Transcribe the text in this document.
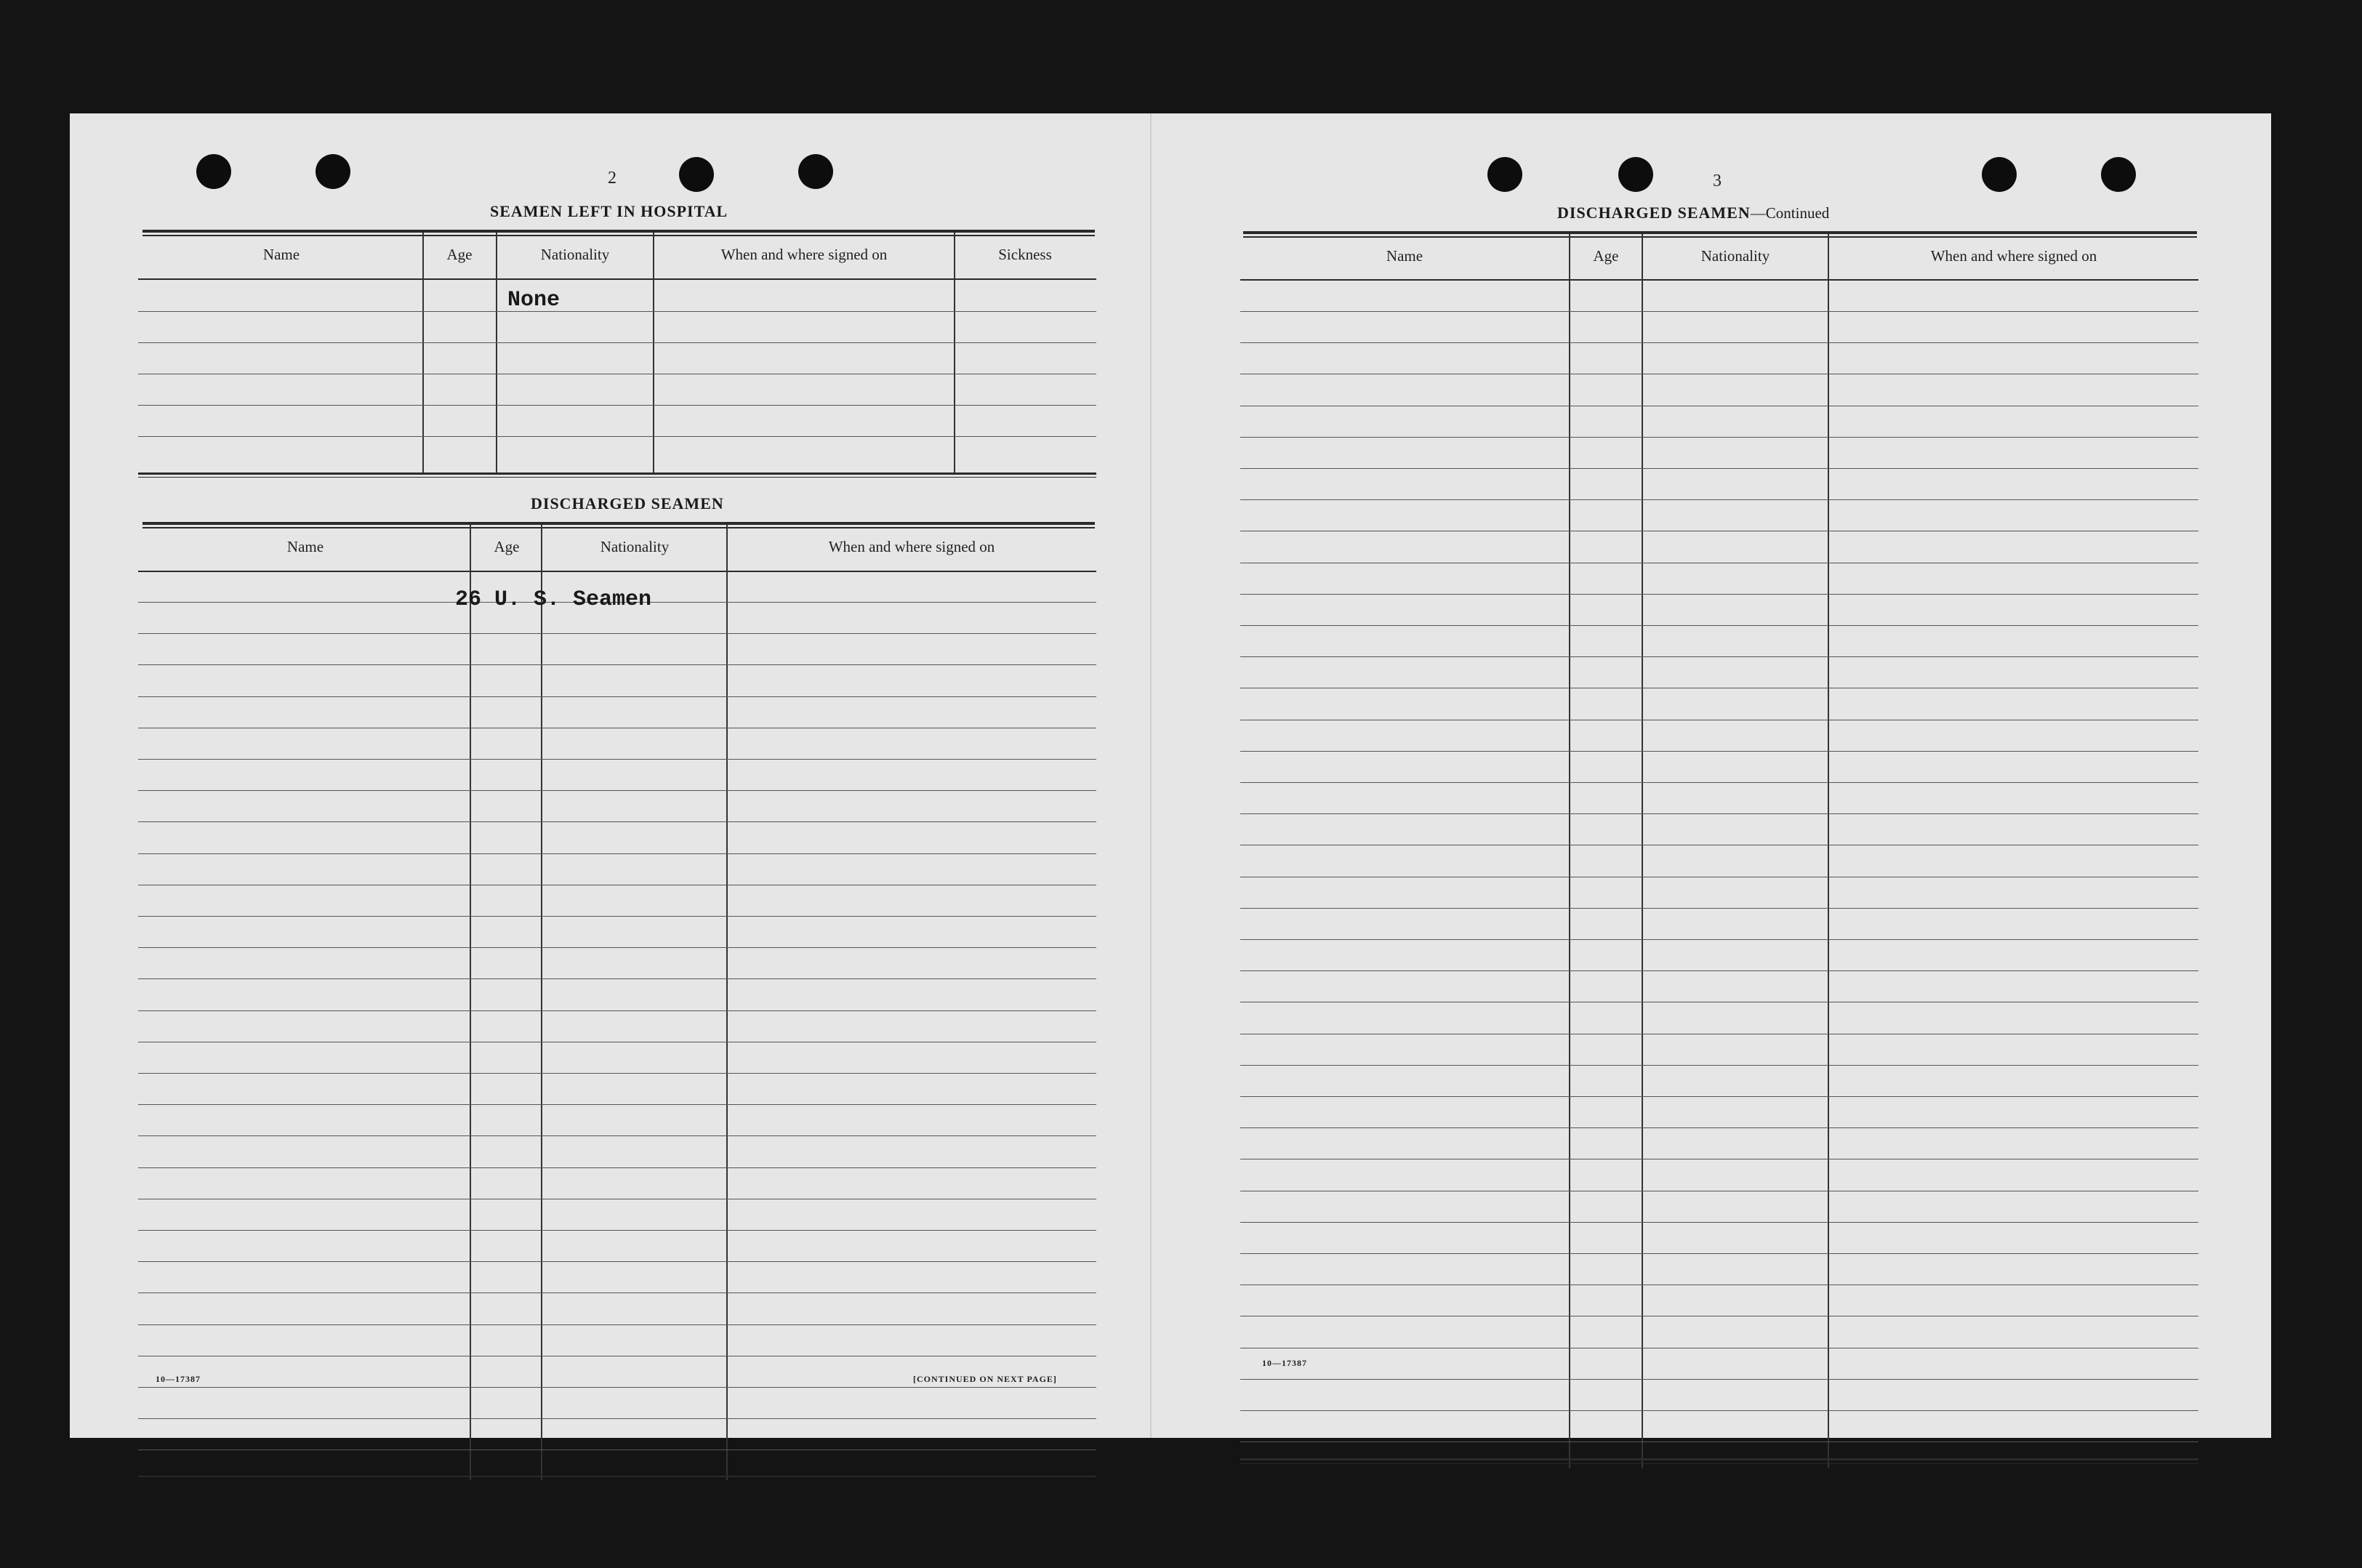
2
SEAMEN LEFT IN HOSPITAL
Name	Age	Nationality	When and where signed on	Sickness
None
DISCHARGED SEAMEN
Name	Age	Nationality	When and where signed on
26 U. S. Seamen
10—17387	[CONTINUED ON NEXT PAGE]
3
DISCHARGED SEAMEN—Continued
Name	Age	Nationality	When and where signed on
10—17387
